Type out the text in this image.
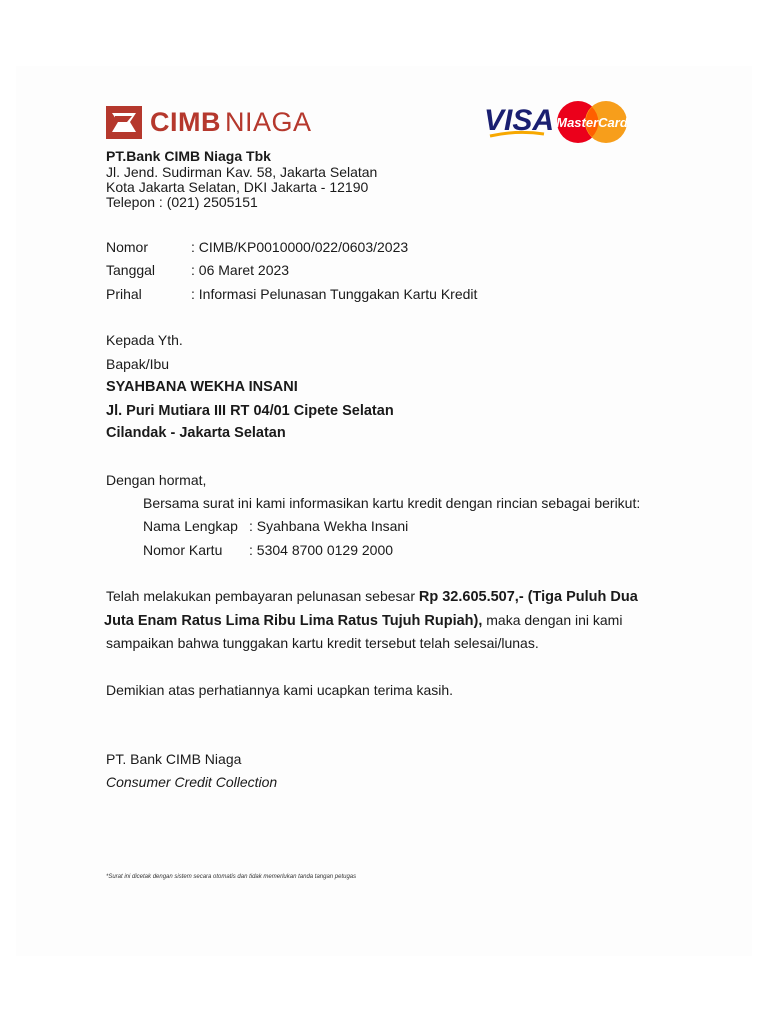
CIMB NIAGA	VISA MasterCard
PT.Bank CIMB Niaga Tbk
Jl. Jend. Sudirman Kav. 58, Jakarta Selatan
Kota Jakarta Selatan, DKI Jakarta - 12190
Telepon : (021) 2505151
Nomor	: CIMB/KP0010000/022/0603/2023
Tanggal	: 06 Maret 2023
Prihal	: Informasi Pelunasan Tunggakan Kartu Kredit
Kepada Yth.
Bapak/Ibu
SYAHBANA WEKHA INSANI
Jl. Puri Mutiara III RT 04/01 Cipete Selatan
Cilandak - Jakarta Selatan
Dengan hormat,
Bersama surat ini kami informasikan kartu kredit dengan rincian sebagai berikut:
Nama Lengkap : Syahbana Wekha Insani
Nomor Kartu : 5304 8700 0129 2000
Telah melakukan pembayaran pelunasan sebesar Rp 32.605.507,- (Tiga Puluh Dua
Juta Enam Ratus Lima Ribu Lima Ratus Tujuh Rupiah), maka dengan ini kami
sampaikan bahwa tunggakan kartu kredit tersebut telah selesai/lunas.
Demikian atas perhatiannya kami ucapkan terima kasih.
PT. Bank CIMB Niaga
Consumer Credit Collection
*Surat ini dicetak dengan sistem secara otomatis dan tidak memerlukan tanda tangan petugas
